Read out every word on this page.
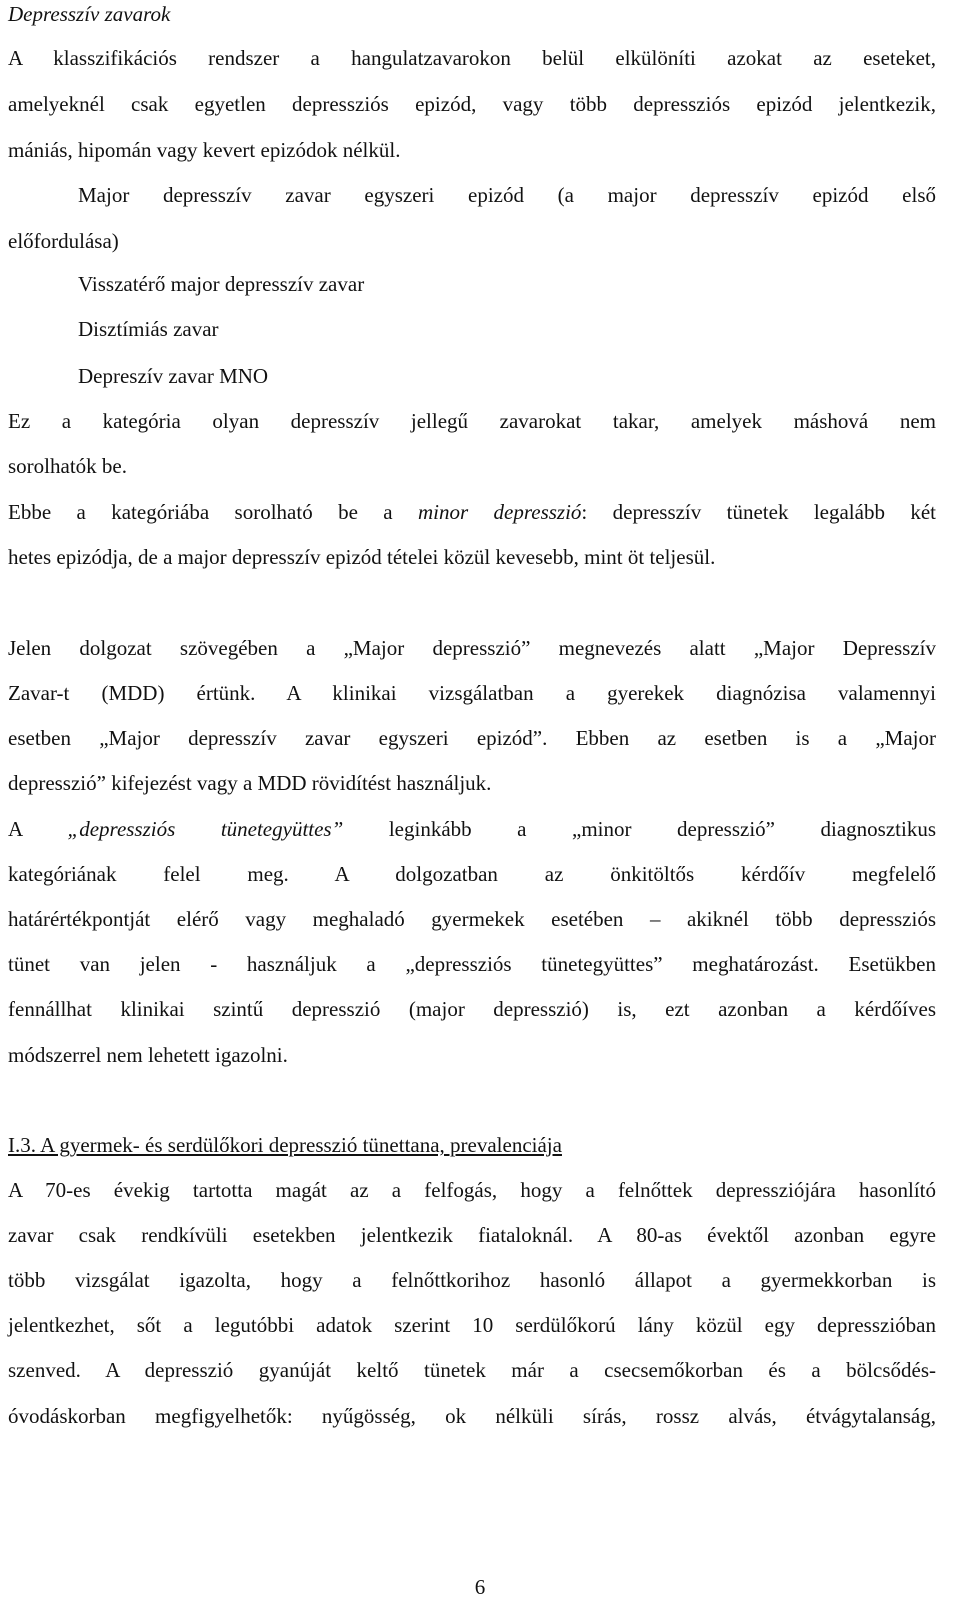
Depresszív zavarok
A klasszifikációs rendszer a hangulatzavarokon belül elkülöníti azokat az eseteket,
amelyeknél csak egyetlen depressziós epizód, vagy több depressziós epizód jelentkezik,
mániás, hipomán vagy kevert epizódok nélkül.
Major depresszív zavar egyszeri epizód (a major depresszív epizód első
előfordulása)
Visszatérő major depresszív zavar
Disztímiás zavar
Depreszív zavar MNO
Ez a kategória olyan depresszív jellegű zavarokat takar, amelyek máshová nem
sorolhatók be.
Ebbe a kategóriába sorolható be a minor depresszió: depresszív tünetek legalább két
hetes epizódja, de a major depresszív epizód tételei közül kevesebb, mint öt teljesül.
Jelen dolgozat szövegében a „Major depresszió” megnevezés alatt „Major Depresszív
Zavar-t (MDD) értünk. A klinikai vizsgálatban a gyerekek diagnózisa valamennyi
esetben „Major depresszív zavar egyszeri epizód”. Ebben az esetben is a „Major
depresszió” kifejezést vagy a MDD rövidítést használjuk.
A „depressziós tünetegyüttes” leginkább a „minor depresszió” diagnosztikus
kategóriának felel meg. A dolgozatban az önkitöltős kérdőív megfelelő
határértékpontját elérő vagy meghaladó gyermekek esetében – akiknél több depressziós
tünet van jelen - használjuk a „depressziós tünetegyüttes” meghatározást. Esetükben
fennállhat klinikai szintű depresszió (major depresszió) is, ezt azonban a kérdőíves
módszerrel nem lehetett igazolni.
I.3. A gyermek- és serdülőkori depresszió tünettana, prevalenciája
A 70-es évekig tartotta magát az a felfogás, hogy a felnőttek depressziójára hasonlító
zavar csak rendkívüli esetekben jelentkezik fiataloknál. A 80-as évektől azonban egyre
több vizsgálat igazolta, hogy a felnőttkorihoz hasonló állapot a gyermekkorban is
jelentkezhet, sőt a legutóbbi adatok szerint 10 serdülőkorú lány közül egy depresszióban
szenved. A depresszió gyanúját keltő tünetek már a csecsemőkorban és a bölcsődés-
óvodáskorban megfigyelhetők: nyűgösség, ok nélküli sírás, rossz alvás, étvágytalanság,
6
